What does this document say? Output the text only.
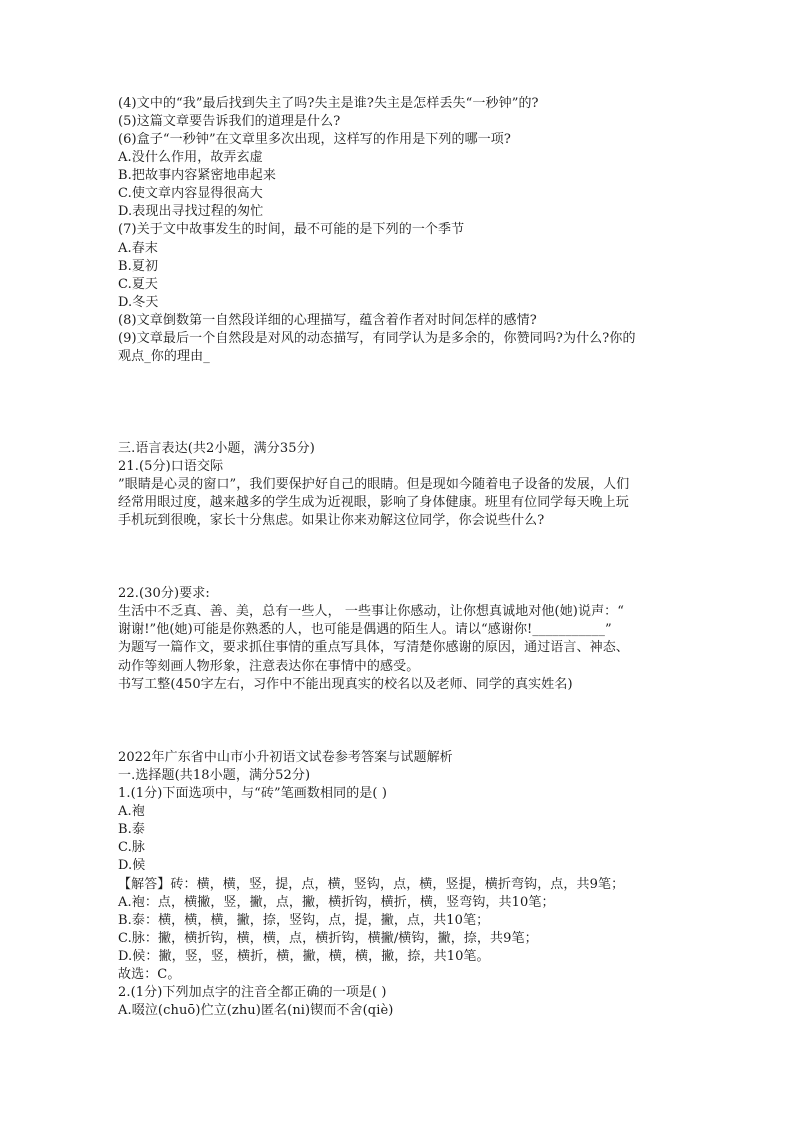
(4)文中的“我”最后找到失主了吗?失主是谁?失主是怎样丢失“一秒钟”的?

(5)这篇文章要告诉我们的道理是什么?

(6)盒子“一秒钟”在文章里多次出现，这样写的作用是下列的哪一项?

A.没什么作用，故弄玄虚

B.把故事内容紧密地串起来

C.使文章内容显得很高大

D.表现出寻找过程的匆忙

(7)关于文中故事发生的时间，最不可能的是下列的一个季节

A.春末

B.夏初

C.夏天

D.冬天

(8)文章倒数第一自然段详细的心理描写，蕴含着作者对时间怎样的感情?

(9)文章最后一个自然段是对风的动态描写，有同学认为是多余的，你赞同吗?为什么?你的

观点_你的理由_

三.语言表达(共2小题，满分35分)

21.(5分)口语交际

”眼睛是心灵的窗口”，我们要保护好自己的眼睛。但是现如今随着电子设备的发展，人们

经常用眼过度，越来越多的学生成为近视眼，影响了身体健康。班里有位同学每天晚上玩

手机玩到很晚，家长十分焦虑。如果让你来劝解这位同学，你会说些什么?

22.(30分)要求:

生活中不乏真、善、美，总有一些人， 一些事让你感动，让你想真诚地对他(她)说声：“

谢谢!”他(她)可能是你熟悉的人，也可能是偶遇的陌生人。请以“感谢你!___________”

为题写一篇作文，要求抓住事情的重点写具体，写清楚你感谢的原因，通过语言、神态、

动作等刻画人物形象，注意表达你在事情中的感受。

书写工整(450字左右，习作中不能出现真实的校名以及老师、同学的真实姓名)

2022年广东省中山市小升初语文试卷参考答案与试题解析

一.选择题(共18小题，满分52分)

1.(1分)下面选项中，与“砖”笔画数相同的是( )

A.袍

B.泰

C.脉

D.候

【解答】砖：横，横，竖，提，点，横，竖钩，点，横，竖提，横折弯钩，点，共9笔；

A.袍：点，横撇，竖，撇，点，撇，横折钩，横折，横，竖弯钩，共10笔；

B.泰：横，横，横，撇，捺，竖钩，点，提，撇，点，共10笔；

C.脉：撇，横折钩，横，横，点，横折钩，横撇/横钩，撇，捺，共9笔；

D.候：撇，竖，竖，横折，横，撇，横，横，撇，捺，共10笔。

故选：C。

2.(1分)下列加点字的注音全都正确的一项是( )

A.啜泣(chuō)伫立(zhu)匿名(ni)锲而不舍(qiè)
